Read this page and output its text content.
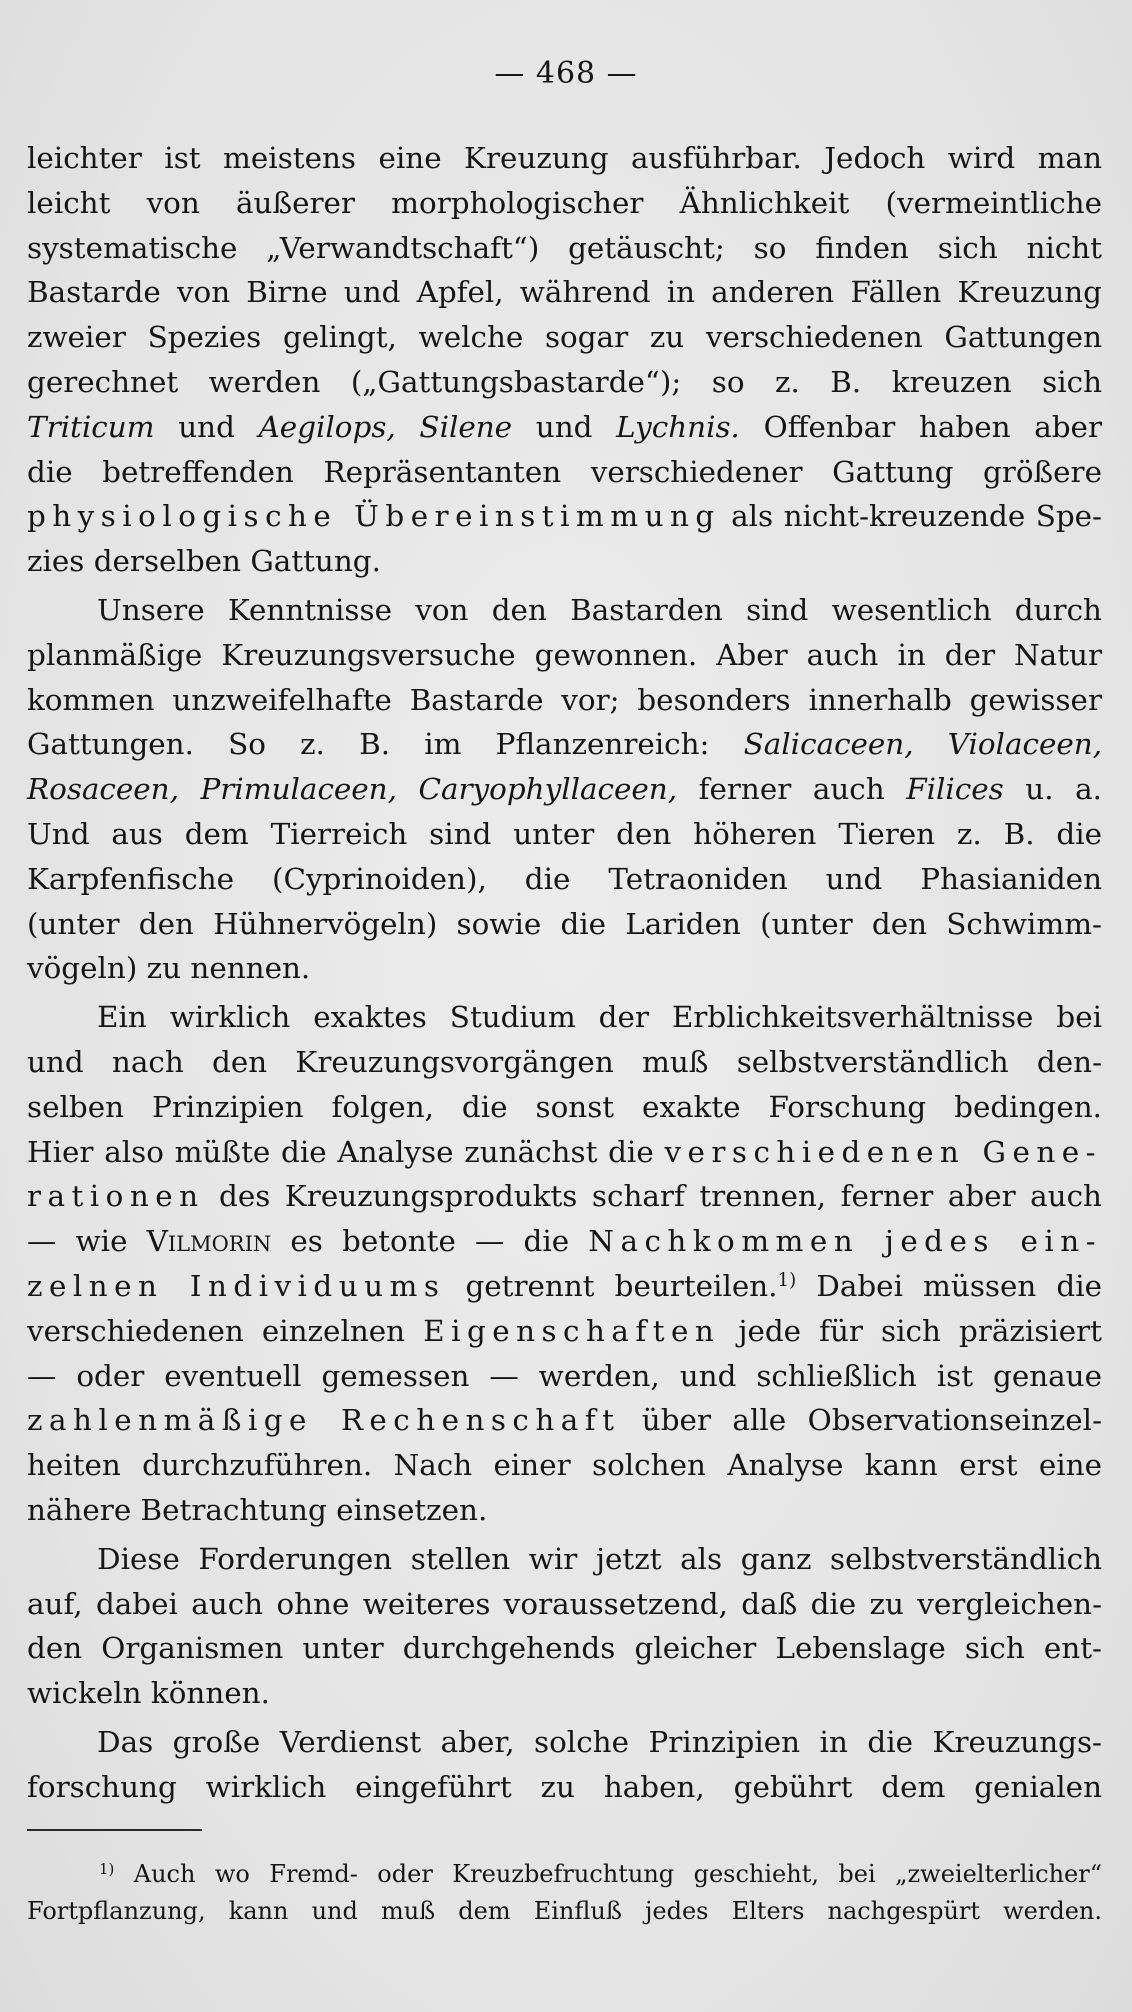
— 468 —

leichter ist meistens eine Kreuzung ausführbar. Jedoch wird man
leicht von äußerer morphologischer Ähnlichkeit (vermeintliche
systematische „Verwandtschaft“) getäuscht; so finden sich nicht
Bastarde von Birne und Apfel, während in anderen Fällen Kreuzung
zweier Spezies gelingt, welche sogar zu verschiedenen Gattungen
gerechnet werden („Gattungsbastarde“); so z. B. kreuzen sich
Triticum und Aegilops, Silene und Lychnis. Offenbar haben aber
die betreffenden Repräsentanten verschiedener Gattung größere
physiologische Übereinstimmung als nicht-kreuzende Spe-
zies derselben Gattung.

Unsere Kenntnisse von den Bastarden sind wesentlich durch
planmäßige Kreuzungsversuche gewonnen. Aber auch in der Natur
kommen unzweifelhafte Bastarde vor; besonders innerhalb gewisser
Gattungen. So z. B. im Pflanzenreich: Salicaceen, Violaceen,
Rosaceen, Primulaceen, Caryophyllaceen, ferner auch Filices u. a.
Und aus dem Tierreich sind unter den höheren Tieren z. B. die
Karpfenfische (Cyprinoiden), die Tetraoniden und Phasianiden
(unter den Hühnervögeln) sowie die Lariden (unter den Schwimm-
vögeln) zu nennen.

Ein wirklich exaktes Studium der Erblichkeitsverhältnisse bei
und nach den Kreuzungsvorgängen muß selbstverständlich den-
selben Prinzipien folgen, die sonst exakte Forschung bedingen.
Hier also müßte die Analyse zunächst die verschiedenen Gene-
rationen des Kreuzungsprodukts scharf trennen, ferner aber auch
— wie Vilmorin es betonte — die Nachkommen jedes ein-
zelnen Individuums getrennt beurteilen.$^{1)}$ Dabei müssen die
verschiedenen einzelnen Eigenschaften jede für sich präzisiert
— oder eventuell gemessen — werden, und schließlich ist genaue
zahlenmäßige Rechenschaft über alle Observationseinzel-
heiten durchzuführen. Nach einer solchen Analyse kann erst eine
nähere Betrachtung einsetzen.

Diese Forderungen stellen wir jetzt als ganz selbstverständlich
auf, dabei auch ohne weiteres voraussetzend, daß die zu vergleichen-
den Organismen unter durchgehends gleicher Lebenslage sich ent-
wickeln können.

Das große Verdienst aber, solche Prinzipien in die Kreuzungs-
forschung wirklich eingeführt zu haben, gebührt dem genialen

$^{1)}$ Auch wo Fremd- oder Kreuzbefruchtung geschieht, bei „zweielterlicher“
Fortpflanzung, kann und muß dem Einfluß jedes Elters nachgespürt werden.
